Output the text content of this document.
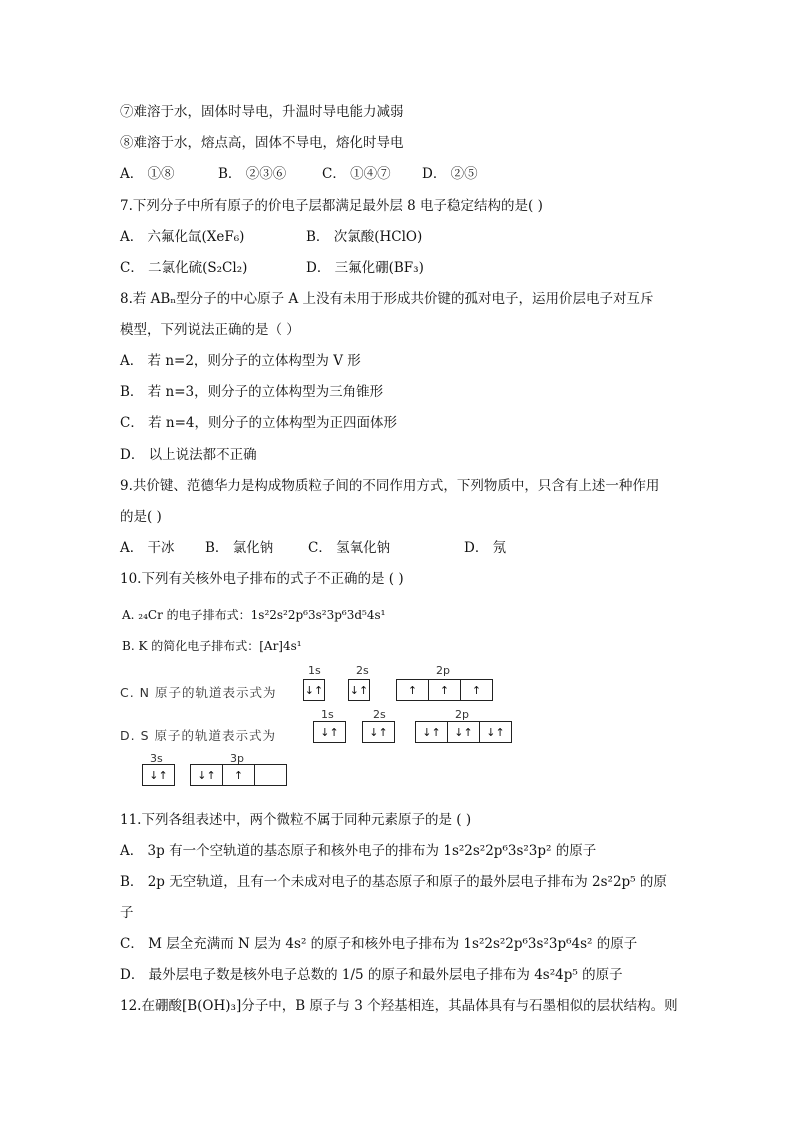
⑦难溶于水，固体时导电，升温时导电能力减弱
⑧难溶于水，熔点高，固体不导电，熔化时导电
A． ①⑧	B． ②③⑥	C． ①④⑦ D． ②⑤
7.下列分子中所有原子的价电子层都满足最外层 8 电子稳定结构的是( )
A． 六氟化氙(XeF₆)	B． 次氯酸(HClO)
C． 二氯化硫(S₂Cl₂)	D． 三氟化硼(BF₃)
8.若 ABₙ型分子的中心原子 A 上没有未用于形成共价键的孤对电子，运用价层电子对互斥
模型，下列说法正确的是（ ）
A． 若 n=2，则分子的立体构型为 V 形
B． 若 n=3，则分子的立体构型为三角锥形
C． 若 n=4，则分子的立体构型为正四面体形
D． 以上说法都不正确
9.共价键、范德华力是构成物质粒子间的不同作用方式，下列物质中，只含有上述一种作用
的是( )
A． 干冰 B． 氯化钠	C． 氢氧化钠	D． 氖
10.下列有关核外电子排布的式子不正确的是 ( )
A. ₂₄Cr 的电子排布式：1s²2s²2p⁶3s²3p⁶3d⁵4s¹
B. K 的简化电子排布式：[Ar]4s¹
C. N 原子的轨道表示式为
1s	2s	2p
↓↑ ↓↑	↑	↑	↑
D. S 原子的轨道表示式为
1s	2s	2p
↓↑	↓↑	↓↑	↓↑	↓↑
3s	3p
↓↑	↓↑	↑
11.下列各组表述中，两个微粒不属于同种元素原子的是 ( )
A． 3p 有一个空轨道的基态原子和核外电子的排布为 1s²2s²2p⁶3s²3p² 的原子
B． 2p 无空轨道，且有一个未成对电子的基态原子和原子的最外层电子排布为 2s²2p⁵ 的原
子
C． M 层全充满而 N 层为 4s² 的原子和核外电子排布为 1s²2s²2p⁶3s²3p⁶4s² 的原子
D． 最外层电子数是核外电子总数的 1/5 的原子和最外层电子排布为 4s²4p⁵ 的原子
12.在硼酸[B(OH)₃]分子中，B 原子与 3 个羟基相连，其晶体具有与石墨相似的层状结构。则
